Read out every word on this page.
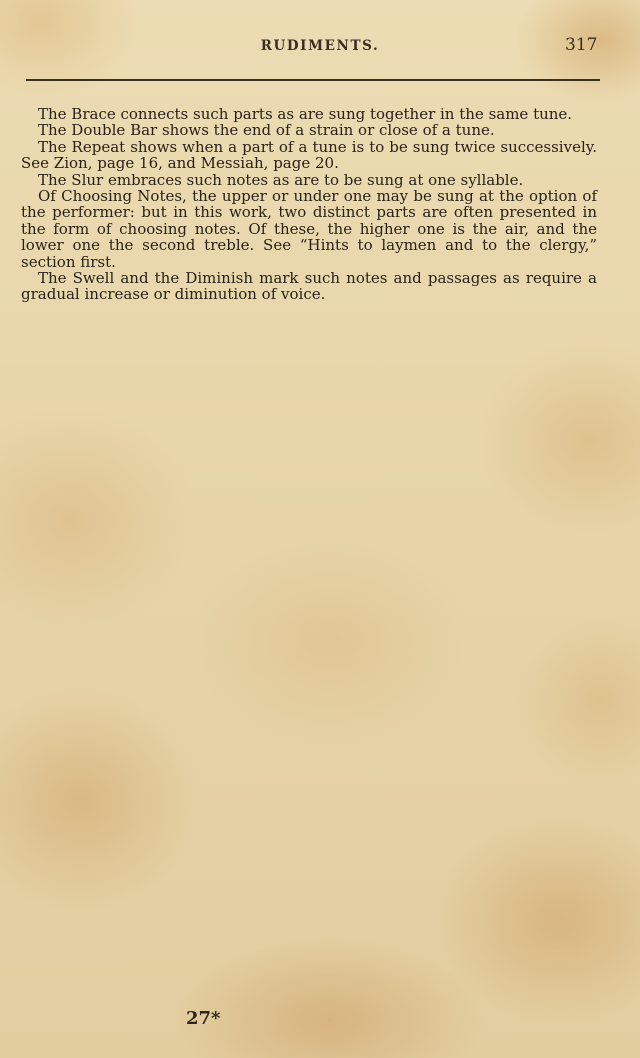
RUDIMENTS.	317

The Brace connects such parts as are sung together in the same tune.

The Double Bar shows the end of a strain or close of a tune.

The Repeat shows when a part of a tune is to be sung twice successively. See Zion, page 16, and Messiah, page 20.

The Slur embraces such notes as are to be sung at one syllable.

Of Choosing Notes, the upper or under one may be sung at the option of the performer: but in this work, two distinct parts are often presented in the form of choosing notes. Of these, the higher one is the air, and the lower one the second treble. See “Hints to laymen and to the clergy,” section first.

The Swell and the Diminish mark such notes and passages as require a gradual increase or diminution of voice.

27*
